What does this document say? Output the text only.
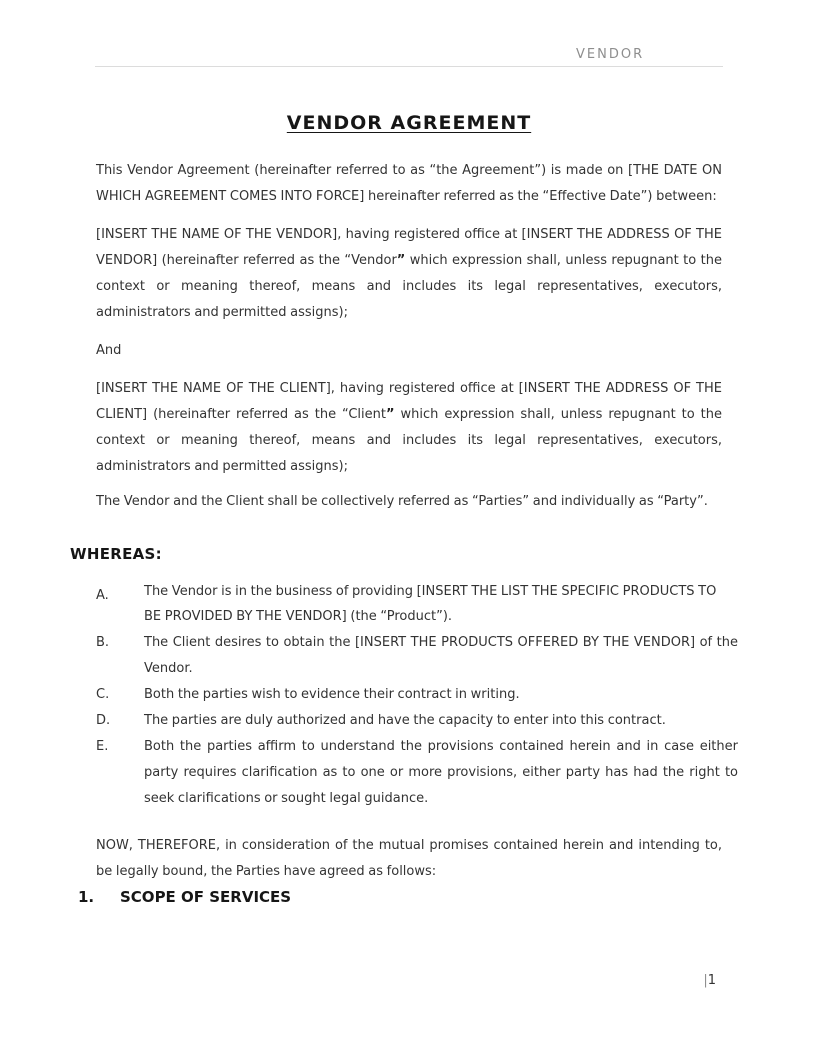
VENDOR
VENDOR AGREEMENT

This Vendor Agreement (hereinafter referred to as “the Agreement”) is made on [THE DATE ON WHICH AGREEMENT COMES INTO FORCE] hereinafter referred as the “Effective Date”) between:

[INSERT THE NAME OF THE VENDOR], having registered office at [INSERT THE ADDRESS OF THE VENDOR] (hereinafter referred as the “Vendor” which expression shall, unless repugnant to the context or meaning thereof, means and includes its legal representatives, executors, administrators and permitted assigns);

And

[INSERT THE NAME OF THE CLIENT], having registered office at [INSERT THE ADDRESS OF THE CLIENT] (hereinafter referred as the “Client” which expression shall, unless repugnant to the context or meaning thereof, means and includes its legal representatives, executors, administrators and permitted assigns);

The Vendor and the Client shall be collectively referred as “Parties” and individually as “Party”.

WHEREAS:
A.	The Vendor is in the business of providing [INSERT THE LIST THE SPECIFIC PRODUCTS TO

BE PROVIDED BY THE VENDOR] (the “Product”).

B.	The Client desires to obtain the [INSERT THE PRODUCTS OFFERED BY THE VENDOR] of the Vendor.

C.	Both the parties wish to evidence their contract in writing.

D.	The parties are duly authorized and have the capacity to enter into this contract.

E.	Both the parties affirm to understand the provisions contained herein and in case either party requires clarification as to one or more provisions, either party has had the right to seek clarifications or sought legal guidance.

NOW, THEREFORE, in consideration of the mutual promises contained herein and intending to, be legally bound, the Parties have agreed as follows:

1.	SCOPE OF SERVICES
|1
